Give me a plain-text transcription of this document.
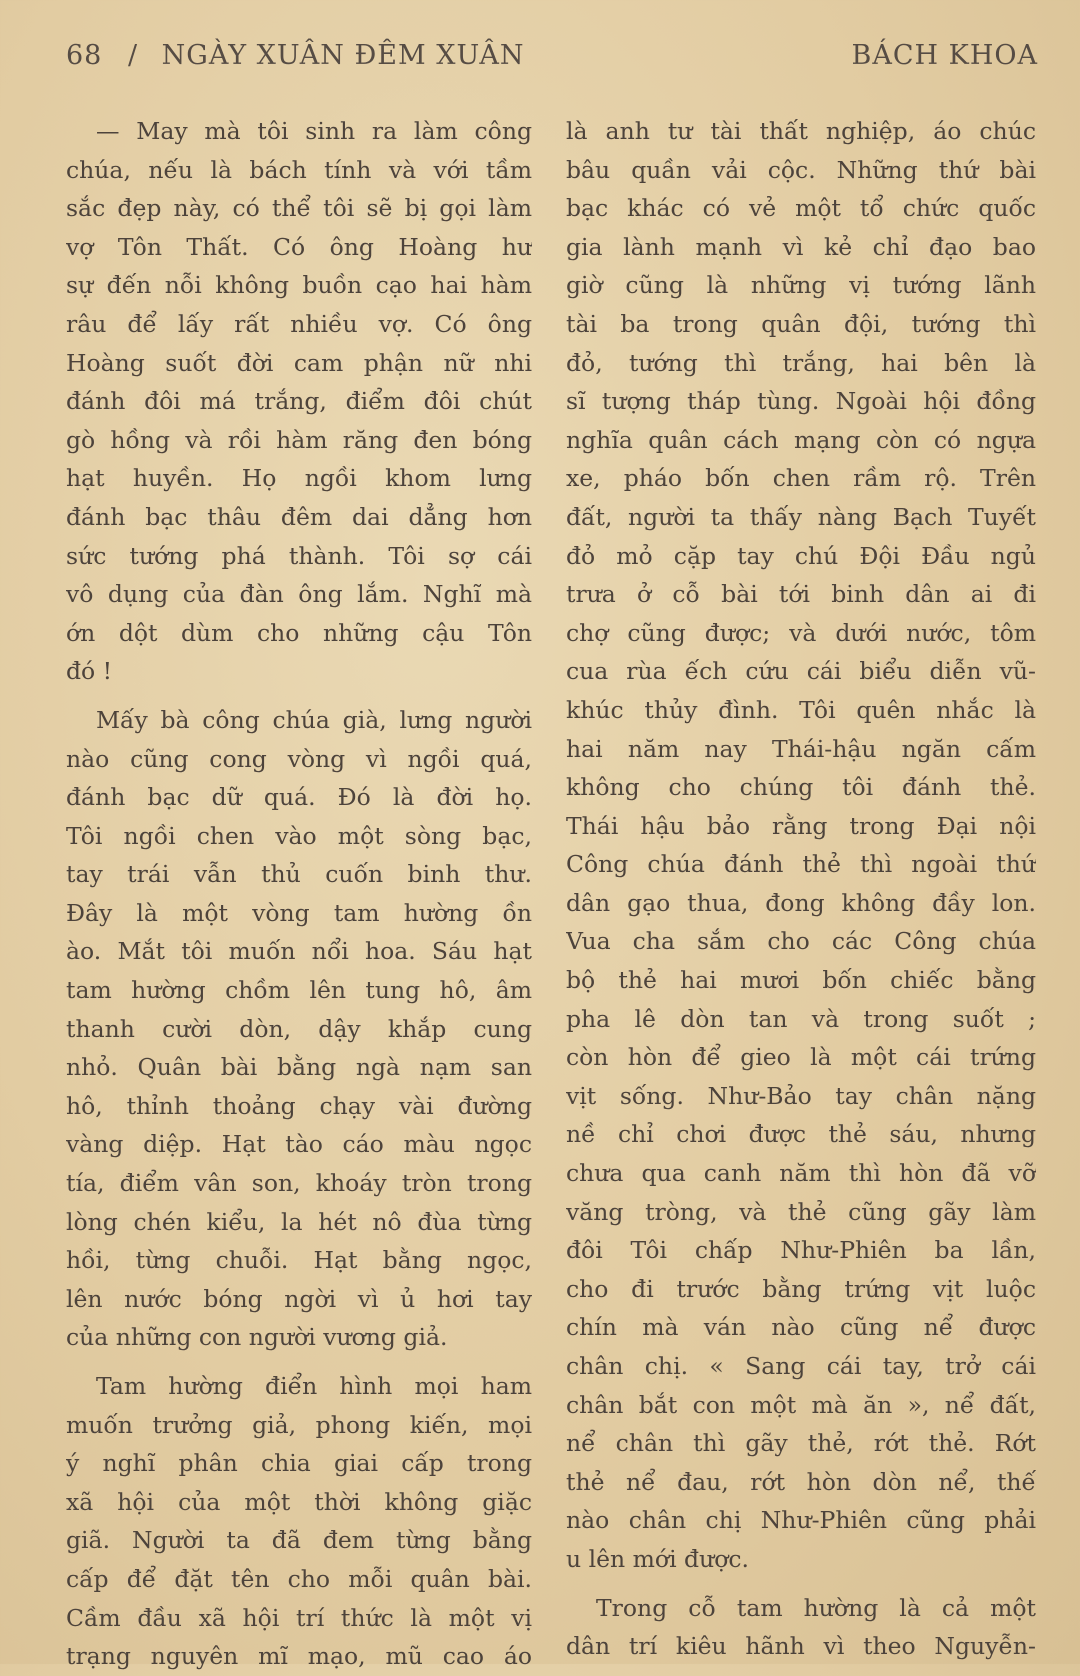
68 / NGÀY XUÂN ĐÊM XUÂN	BÁCH KHOA
— May mà tôi sinh ra làm công
chúa, nếu là bách tính và với tầm
sắc đẹp này, có thể tôi sẽ bị gọi làm
vợ Tôn Thất. Có ông Hoàng hư
sự đến nỗi không buồn cạo hai hàm
râu để lấy rất nhiều vợ. Có ông
Hoàng suốt đời cam phận nữ nhi
đánh đôi má trắng, điểm đôi chút
gò hồng và rồi hàm răng đen bóng
hạt huyền. Họ ngồi khom lưng
đánh bạc thâu đêm dai dẳng hơn
sức tướng phá thành. Tôi sợ cái
vô dụng của đàn ông lắm. Nghĩ mà
ớn dột dùm cho những cậu Tôn
đó !
Mấy bà công chúa già, lưng người
nào cũng cong vòng vì ngồi quá,
đánh bạc dữ quá. Đó là đời họ.
Tôi ngồi chen vào một sòng bạc,
tay trái vẫn thủ cuốn binh thư.
Đây là một vòng tam hường ồn
ào. Mắt tôi muốn nổi hoa. Sáu hạt
tam hường chồm lên tung hô, âm
thanh cười dòn, dậy khắp cung
nhỏ. Quân bài bằng ngà nạm san
hô, thỉnh thoảng chạy vài đường
vàng diệp. Hạt tào cáo màu ngọc
tía, điểm vân son, khoáy tròn trong
lòng chén kiểu, la hét nô đùa từng
hồi, từng chuỗi. Hạt bằng ngọc,
lên nước bóng ngời vì ủ hơi tay
của những con người vương giả.
Tam hường điển hình mọi ham
muốn trưởng giả, phong kiến, mọi
ý nghĩ phân chia giai cấp trong
xã hội của một thời không giặc
giã. Người ta đã đem từng bằng
cấp để đặt tên cho mỗi quân bài.
Cầm đầu xã hội trí thức là một vị
trạng nguyên mĩ mạo, mũ cao áo
là anh tư tài thất nghiệp, áo chúc
bâu quần vải cộc. Những thứ bài
bạc khác có vẻ một tổ chức quốc
gia lành mạnh vì kẻ chỉ đạo bao
giờ cũng là những vị tướng lãnh
tài ba trong quân đội, tướng thì
đỏ, tướng thì trắng, hai bên là
sĩ tượng tháp tùng. Ngoài hội đồng
nghĩa quân cách mạng còn có ngựa
xe, pháo bốn chen rầm rộ. Trên
đất, người ta thấy nàng Bạch Tuyết
đỏ mỏ cặp tay chú Đội Đầu ngủ
trưa ở cỗ bài tới binh dân ai đi
chợ cũng được; và dưới nước, tôm
cua rùa ếch cứu cái biểu diễn vũ-
khúc thủy đình. Tôi quên nhắc là
hai năm nay Thái-hậu ngăn cấm
không cho chúng tôi đánh thẻ.
Thái hậu bảo rằng trong Đại nội
Công chúa đánh thẻ thì ngoài thứ
dân gạo thua, đong không đầy lon.
Vua cha sắm cho các Công chúa
bộ thẻ hai mươi bốn chiếc bằng
pha lê dòn tan và trong suốt ;
còn hòn để gieo là một cái trứng
vịt sống. Như-Bảo tay chân nặng
nề chỉ chơi được thẻ sáu, nhưng
chưa qua canh năm thì hòn đã vỡ
văng tròng, và thẻ cũng gãy làm
đôi Tôi chấp Như-Phiên ba lần,
cho đi trước bằng trứng vịt luộc
chín mà ván nào cũng nể được
chân chị. « Sang cái tay, trở cái
chân bắt con một mà ăn », nể đất,
nể chân thì gãy thẻ, rớt thẻ. Rớt
thẻ nể đau, rớt hòn dòn nể, thế
nào chân chị Như-Phiên cũng phải
u lên mới được.
Trong cỗ tam hường là cả một
dân trí kiêu hãnh vì theo Nguyễn-
